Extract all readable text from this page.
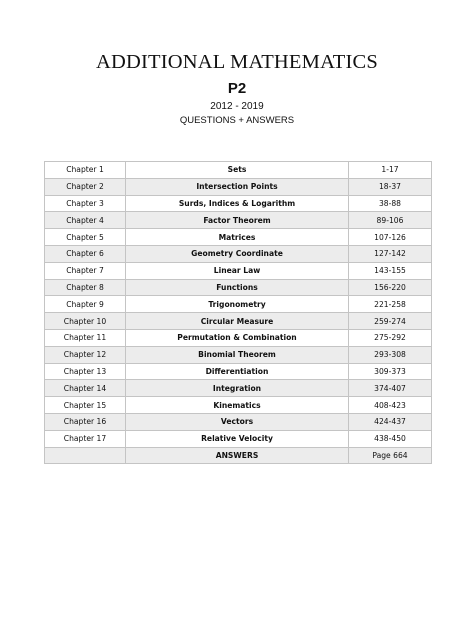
ADDITIONAL MATHEMATICS
P2
2012 - 2019
QUESTIONS + ANSWERS
Chapter 1	Sets	1-17
Chapter 2	Intersection Points	18-37
Chapter 3	Surds, Indices & Logarithm	38-88
Chapter 4	Factor Theorem	89-106
Chapter 5	Matrices	107-126
Chapter 6	Geometry Coordinate	127-142
Chapter 7	Linear Law	143-155
Chapter 8	Functions	156-220
Chapter 9	Trigonometry	221-258
Chapter 10	Circular Measure	259-274
Chapter 11	Permutation & Combination	275-292
Chapter 12	Binomial Theorem	293-308
Chapter 13	Differentiation	309-373
Chapter 14	Integration	374-407
Chapter 15	Kinematics	408-423
Chapter 16	Vectors	424-437
Chapter 17	Relative Velocity	438-450
	ANSWERS	Page 664
